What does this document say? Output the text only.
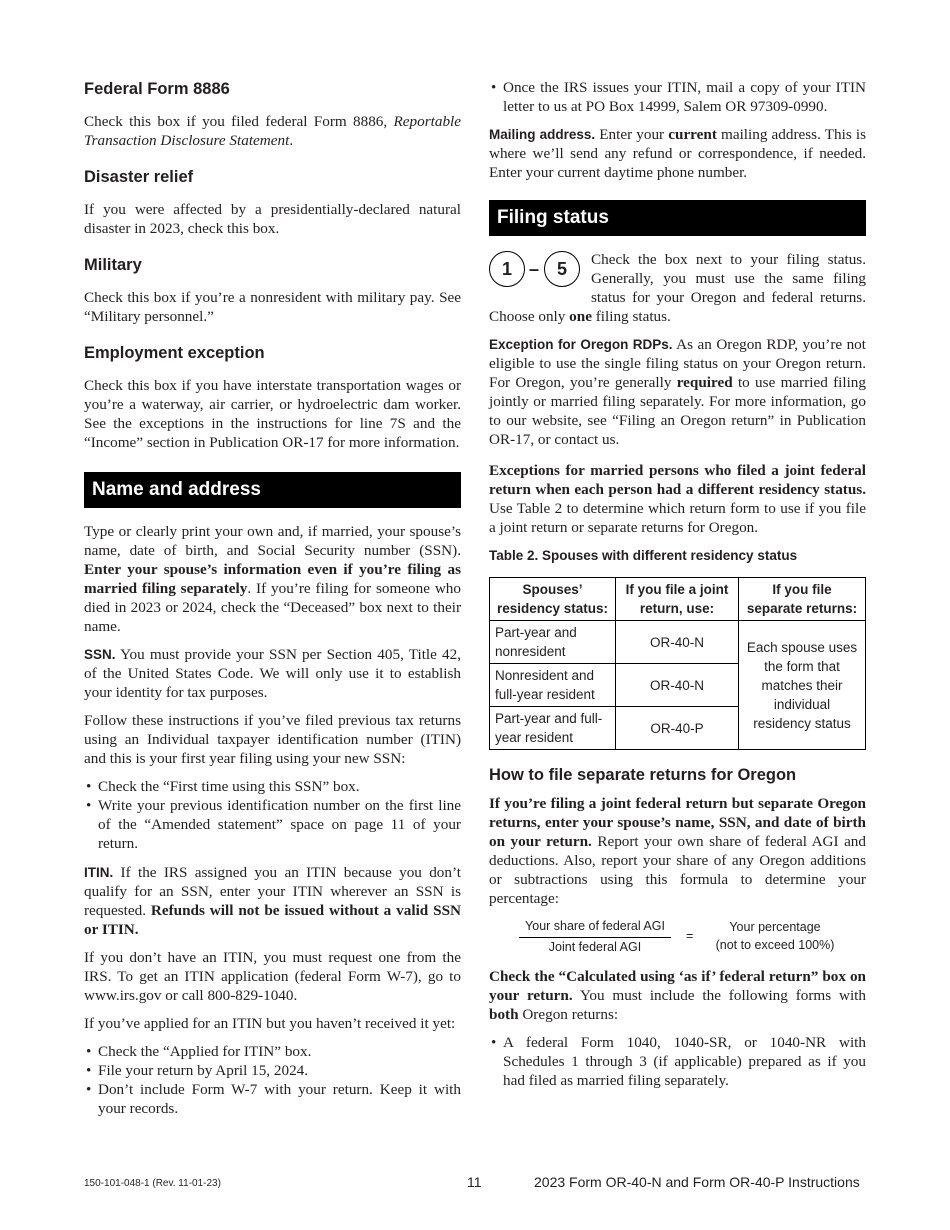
Federal Form 8886

Check this box if you filed federal Form 8886, Reportable Transaction Disclosure Statement.

Disaster relief

If you were affected by a presidentially-declared natural disaster in 2023, check this box.

Military

Check this box if you’re a nonresident with military pay. See “Military personnel.”

Employment exception

Check this box if you have interstate transportation wages or you’re a waterway, air carrier, or hydroelectric dam worker. See the exceptions in the instructions for line 7S and the “Income” section in Publication OR-17 for more information.

Name and address

Type or clearly print your own and, if married, your spouse’s name, date of birth, and Social Security number (SSN). Enter your spouse’s information even if you’re filing as married filing separately. If you’re filing for someone who died in 2023 or 2024, check the “Deceased” box next to their name.

SSN. You must provide your SSN per Section 405, Title 42, of the United States Code. We will only use it to establish your identity for tax purposes.

Follow these instructions if you’ve filed previous tax returns using an Individual taxpayer identification number (ITIN) and this is your first year filing using your new SSN:

• Check the “First time using this SSN” box.
• Write your previous identification number on the first line of the “Amended statement” space on page 11 of your return.

ITIN. If the IRS assigned you an ITIN because you don’t qualify for an SSN, enter your ITIN wherever an SSN is requested. Refunds will not be issued without a valid SSN or ITIN.

If you don’t have an ITIN, you must request one from the IRS. To get an ITIN application (federal Form W-7), go to www.irs.gov or call 800-829-1040.

If you’ve applied for an ITIN but you haven’t received it yet:

• Check the “Applied for ITIN” box.
• File your return by April 15, 2024.
• Don’t include Form W-7 with your return. Keep it with your records.
• Once the IRS issues your ITIN, mail a copy of your ITIN letter to us at PO Box 14999, Salem OR 97309-0990.

Mailing address. Enter your current mailing address. This is where we’ll send any refund or correspondence, if needed. Enter your current daytime phone number.

Filing status

1 – 5	Check the box next to your filing status. Generally, you must use the same filing status for your Oregon and federal returns. Choose only one filing status.

Exception for Oregon RDPs. As an Oregon RDP, you’re not eligible to use the single filing status on your Oregon return. For Oregon, you’re generally required to use married filing jointly or married filing separately. For more information, go to our website, see “Filing an Oregon return” in Publication OR-17, or contact us.

Exceptions for married persons who filed a joint federal return when each person had a different residency status. Use Table 2 to determine which return form to use if you file a joint return or separate returns for Oregon.

Table 2. Spouses with different residency status
Spouses’ residency status:	If you file a joint return, use:	If you file separate returns:
Part-year and nonresident	OR-40-N	Each spouse uses the form that matches their individual residency status
Nonresident and full-year resident	OR-40-N	
Part-year and full-year resident	OR-40-P	
How to file separate returns for Oregon

If you’re filing a joint federal return but separate Oregon returns, enter your spouse’s name, SSN, and date of birth on your return. Report your own share of federal AGI and deductions. Also, report your share of any Oregon additions or subtractions using this formula to determine your percentage:

Your share of federal AGI
Joint federal AGI
=
Your percentage
(not to exceed 100%)

Check the “Calculated using ‘as if’ federal return” box on your return. You must include the following forms with both Oregon returns:

• A federal Form 1040, 1040-SR, or 1040-NR with Schedules 1 through 3 (if applicable) prepared as if you had filed as married filing separately.
150-101-048-1 (Rev. 11-01-23)	11	2023 Form OR-40-N and Form OR-40-P Instructions
